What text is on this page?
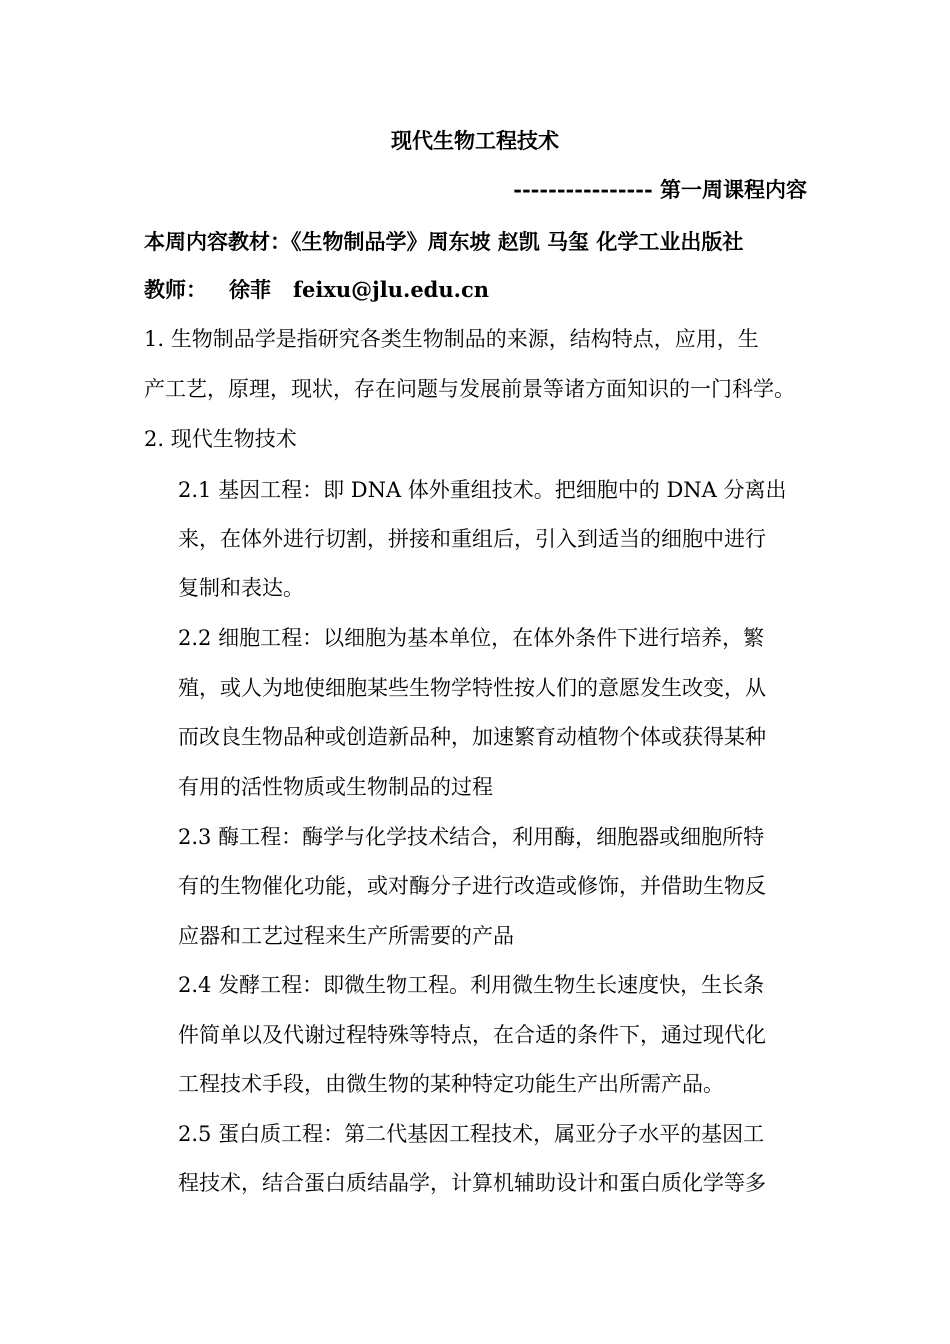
现代生物工程技术
---------------- 第一周课程内容
本周内容教材：《生物制品学》周东坡 赵凯 马玺 化学工业出版社
教师： 徐菲 feixu@jlu.edu.cn
1. 生物制品学是指研究各类生物制品的来源，结构特点，应用，生
产工艺，原理，现状，存在问题与发展前景等诸方面知识的一门科学。
2. 现代生物技术
2.1 基因工程：即 DNA 体外重组技术。把细胞中的 DNA 分离出
来，在体外进行切割，拼接和重组后，引入到适当的细胞中进行
复制和表达。
2.2 细胞工程：以细胞为基本单位，在体外条件下进行培养，繁
殖，或人为地使细胞某些生物学特性按人们的意愿发生改变，从
而改良生物品种或创造新品种，加速繁育动植物个体或获得某种
有用的活性物质或生物制品的过程
2.3 酶工程：酶学与化学技术结合，利用酶，细胞器或细胞所特
有的生物催化功能，或对酶分子进行改造或修饰，并借助生物反
应器和工艺过程来生产所需要的产品
2.4 发酵工程：即微生物工程。利用微生物生长速度快，生长条
件简单以及代谢过程特殊等特点，在合适的条件下，通过现代化
工程技术手段，由微生物的某种特定功能生产出所需产品。
2.5 蛋白质工程：第二代基因工程技术，属亚分子水平的基因工
程技术，结合蛋白质结晶学，计算机辅助设计和蛋白质化学等多
